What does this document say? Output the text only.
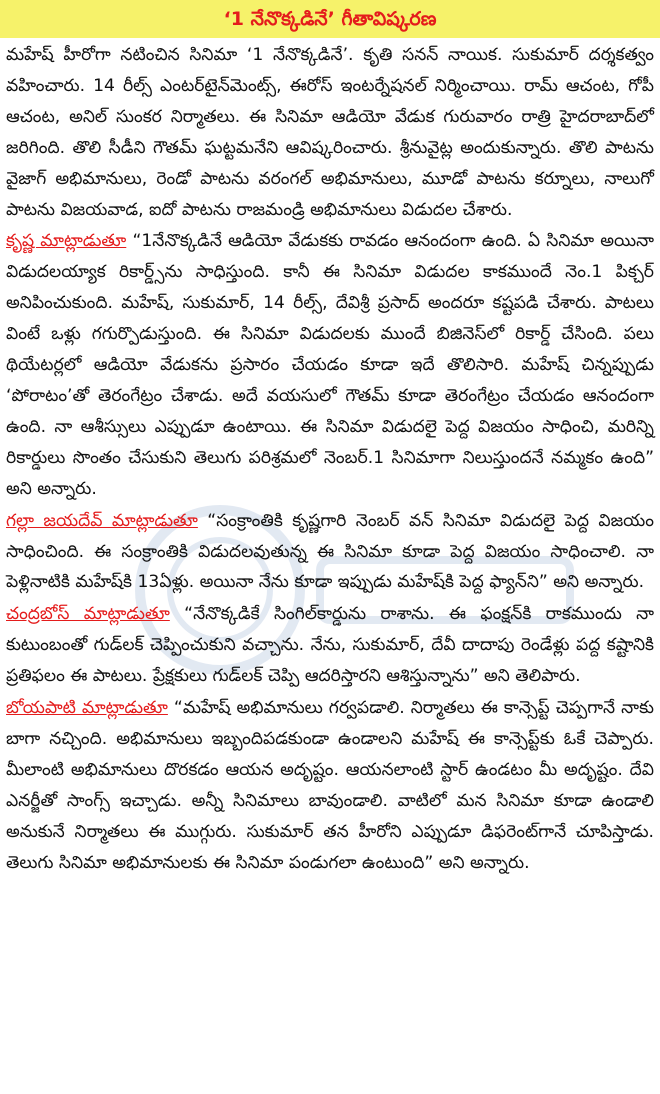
‘1 నేనొక్కడినే’ గీతావిష్కరణ

మహేష్ హీరోగా నటించిన సినిమా ‘1 నేనొక్కడినే’. కృతి సనన్ నాయిక. సుకుమార్ దర్శకత్వం వహించారు. 14 రీల్స్ ఎంటర్‌టైన్‌మెంట్స్, ఈరోస్ ఇంటర్నేషనల్ నిర్మించాయి. రామ్ ఆచంట, గోపీ ఆచంట, అనిల్ సుంకర నిర్మాతలు. ఈ సినిమా ఆడియో వేడుక గురువారం రాత్రి హైదరాబాద్‌లో జరిగింది. తొలి సీడీని గౌతమ్ ఘట్టమనేని ఆవిష్కరించారు. శ్రీనువైట్ల అందుకున్నారు. తొలి పాటను వైజాగ్ అభిమానులు, రెండో పాటను వరంగల్ అభిమానులు, మూడో పాటను కర్నూలు, నాలుగో పాటను విజయవాడ, ఐదో పాటను రాజమండ్రి అభిమానులు విడుదల చేశారు.

కృష్ణ మాట్లాడుతూ “1నేనొక్కడినే ఆడియో వేడుకకు రావడం ఆనందంగా ఉంది. ఏ సినిమా అయినా విడుదలయ్యాక రికార్డ్స్‌ను సాధిస్తుంది. కానీ ఈ సినిమా విడుదల కాకముందే నెం.1 పిక్చర్ అనిపించుకుంది. మహేష్, సుకుమార్, 14 రీల్స్, దేవిశ్రీ ప్రసాద్ అందరూ కష్టపడి చేశారు. పాటలు వింటే ఒళ్లు గగుర్పొడుస్తుంది. ఈ సినిమా విడుదలకు ముందే బిజినెస్‌లో రికార్డ్ చేసింది. పలు థియేటర్లలో ఆడియో వేడుకను ప్రసారం చేయడం కూడా ఇదే తొలిసారి. మహేష్ చిన్నప్పుడు ‘పోరాటం’తో తెరంగేట్రం చేశాడు. అదే వయసులో గౌతమ్ కూడా తెరంగేట్రం చేయడం ఆనందంగా ఉంది. నా ఆశీస్సులు ఎప్పుడూ ఉంటాయి. ఈ సినిమా విడుదలై పెద్ద విజయం సాధించి, మరిన్ని రికార్డులు సొంతం చేసుకుని తెలుగు పరిశ్రమలో నెంబర్.1 సినిమాగా నిలుస్తుందనే నమ్మకం ఉంది” అని అన్నారు.

గల్లా జయదేవ్ మాట్లాడుతూ “సంక్రాంతికి కృష్ణగారి నెంబర్ వన్ సినిమా విడుదలై పెద్ద విజయం సాధించింది. ఈ సంక్రాంతికి విడుదలవుతున్న ఈ సినిమా కూడా పెద్ద విజయం సాధించాలి. నా పెళ్లినాటికి మహేష్‌కి 13ఏళ్లు. అయినా నేను కూడా ఇప్పుడు మహేష్‌కి పెద్ద ఫ్యాన్‌ని” అని అన్నారు.

చంద్రబోస్ మాట్లాడుతూ “నేనొక్కడికే సింగిల్‌కార్డును రాశాను. ఈ ఫంక్షన్‌కి రాకముందు నా కుటుంబంతో గుడ్‌లక్ చెప్పించుకుని వచ్చాను. నేను, సుకుమార్, దేవీ దాదాపు రెండేళ్లు పద్ద కష్టానికి ప్రతిఫలం ఈ పాటలు. ప్రేక్షకులు గుడ్‌లక్ చెప్పి ఆదరిస్తారని ఆశిస్తున్నాను” అని తెలిపారు.

బోయపాటి మాట్లాడుతూ “మహేష్ అభిమానులు గర్వపడాలి. నిర్మాతలు ఈ కాన్సెప్ట్ చెప్పగానే నాకు బాగా నచ్చింది. అభిమానులు ఇబ్బందిపడకుండా ఉండాలని మహేష్ ఈ కాన్సెప్ట్‌కు ఓకే చెప్పారు. మీలాంటి అభిమానులు దొరకడం ఆయన అదృష్టం. ఆయనలాంటి స్టార్ ఉండటం మీ అదృష్టం. దేవి ఎనర్జీతో సాంగ్స్ ఇచ్చాడు. అన్నీ సినిమాలు బావుండాలి. వాటిలో మన సినిమా కూడా ఉండాలి అనుకునే నిర్మాతలు ఈ ముగ్గురు. సుకుమార్ తన హీరోని ఎప్పుడూ డిఫరెంట్‌గానే చూపిస్తాడు. తెలుగు సినిమా అభిమానులకు ఈ సినిమా పండుగలా ఉంటుంది” అని అన్నారు.
